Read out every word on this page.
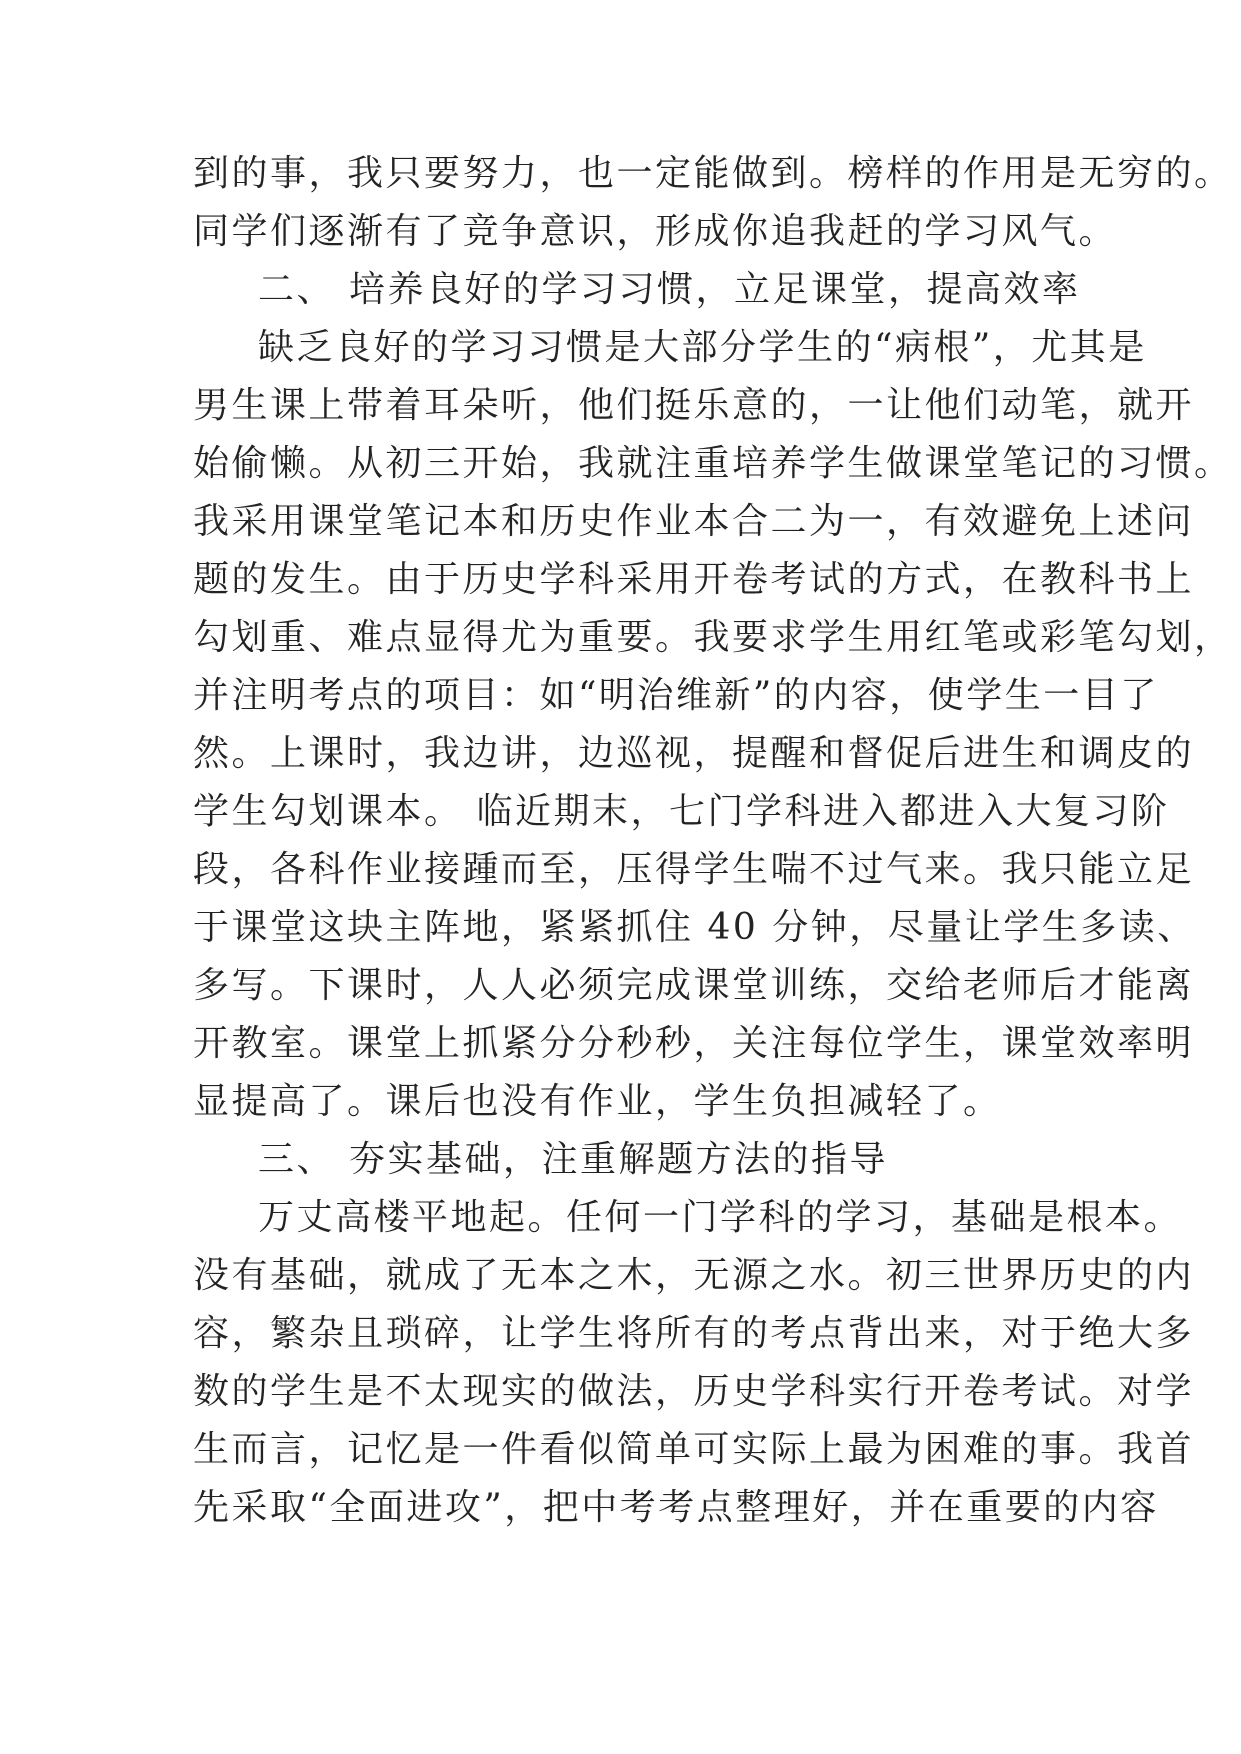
到的事，我只要努力，也一定能做到。榜样的作用是无穷的。
同学们逐渐有了竞争意识，形成你追我赶的学习风气。
二、 培养良好的学习习惯，立足课堂，提高效率
缺乏良好的学习习惯是大部分学生的“病根”，尤其是
男生课上带着耳朵听，他们挺乐意的，一让他们动笔，就开
始偷懒。从初三开始，我就注重培养学生做课堂笔记的习惯。
我采用课堂笔记本和历史作业本合二为一，有效避免上述问
题的发生。由于历史学科采用开卷考试的方式，在教科书上
勾划重、难点显得尤为重要。我要求学生用红笔或彩笔勾划，
并注明考点的项目：如“明治维新”的内容，使学生一目了
然。上课时，我边讲，边巡视，提醒和督促后进生和调皮的
学生勾划课本。 临近期末，七门学科进入都进入大复习阶
段，各科作业接踵而至，压得学生喘不过气来。我只能立足
于课堂这块主阵地，紧紧抓住 40 分钟，尽量让学生多读、
多写。下课时，人人必须完成课堂训练，交给老师后才能离
开教室。课堂上抓紧分分秒秒，关注每位学生，课堂效率明
显提高了。课后也没有作业，学生负担减轻了。
三、 夯实基础，注重解题方法的指导
万丈高楼平地起。任何一门学科的学习，基础是根本。
没有基础，就成了无本之木，无源之水。初三世界历史的内
容，繁杂且琐碎，让学生将所有的考点背出来，对于绝大多
数的学生是不太现实的做法，历史学科实行开卷考试。对学
生而言，记忆是一件看似简单可实际上最为困难的事。我首
先采取“全面进攻”，把中考考点整理好，并在重要的内容
